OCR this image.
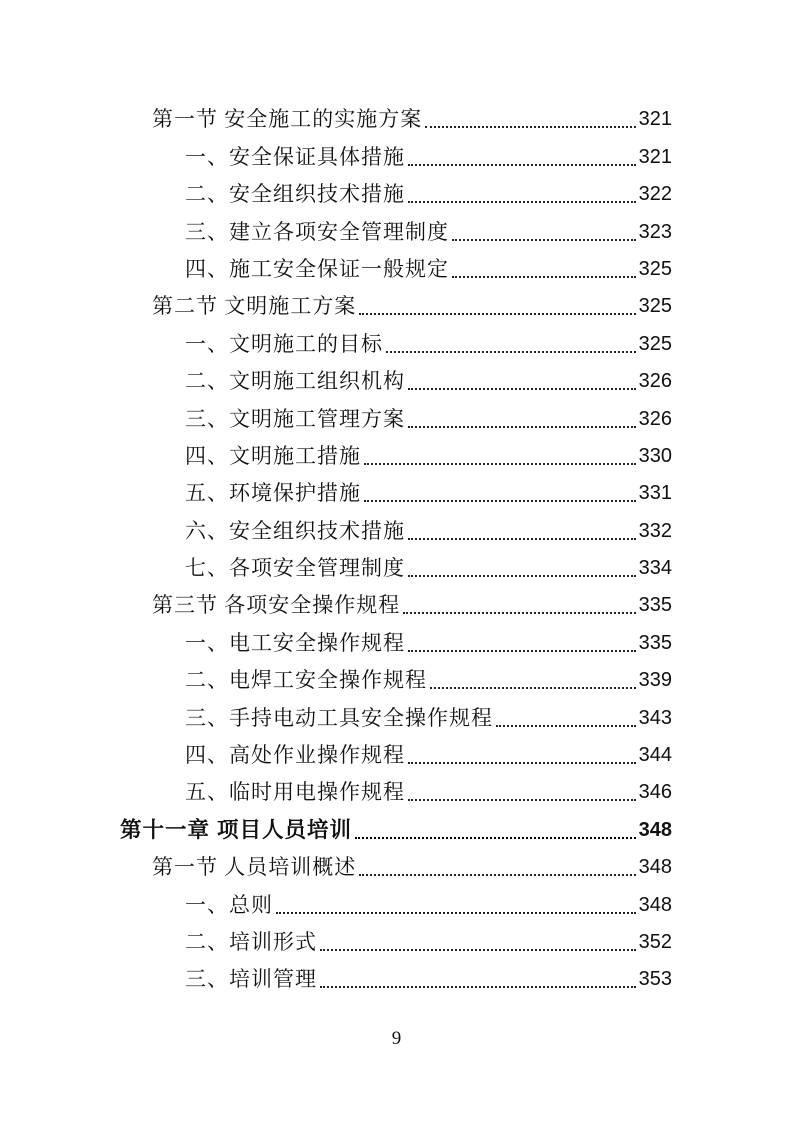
第一节 安全施工的实施方案	321
一、安全保证具体措施	321
二、安全组织技术措施	322
三、建立各项安全管理制度	323
四、施工安全保证一般规定	325
第二节 文明施工方案	325
一、文明施工的目标	325
二、文明施工组织机构	326
三、文明施工管理方案	326
四、文明施工措施	330
五、环境保护措施	331
六、安全组织技术措施	332
七、各项安全管理制度	334
第三节 各项安全操作规程	335
一、电工安全操作规程	335
二、电焊工安全操作规程	339
三、手持电动工具安全操作规程	343
四、高处作业操作规程	344
五、临时用电操作规程	346
第十一章 项目人员培训	348
第一节 人员培训概述	348
一、总则	348
二、培训形式	352
三、培训管理	353
9
